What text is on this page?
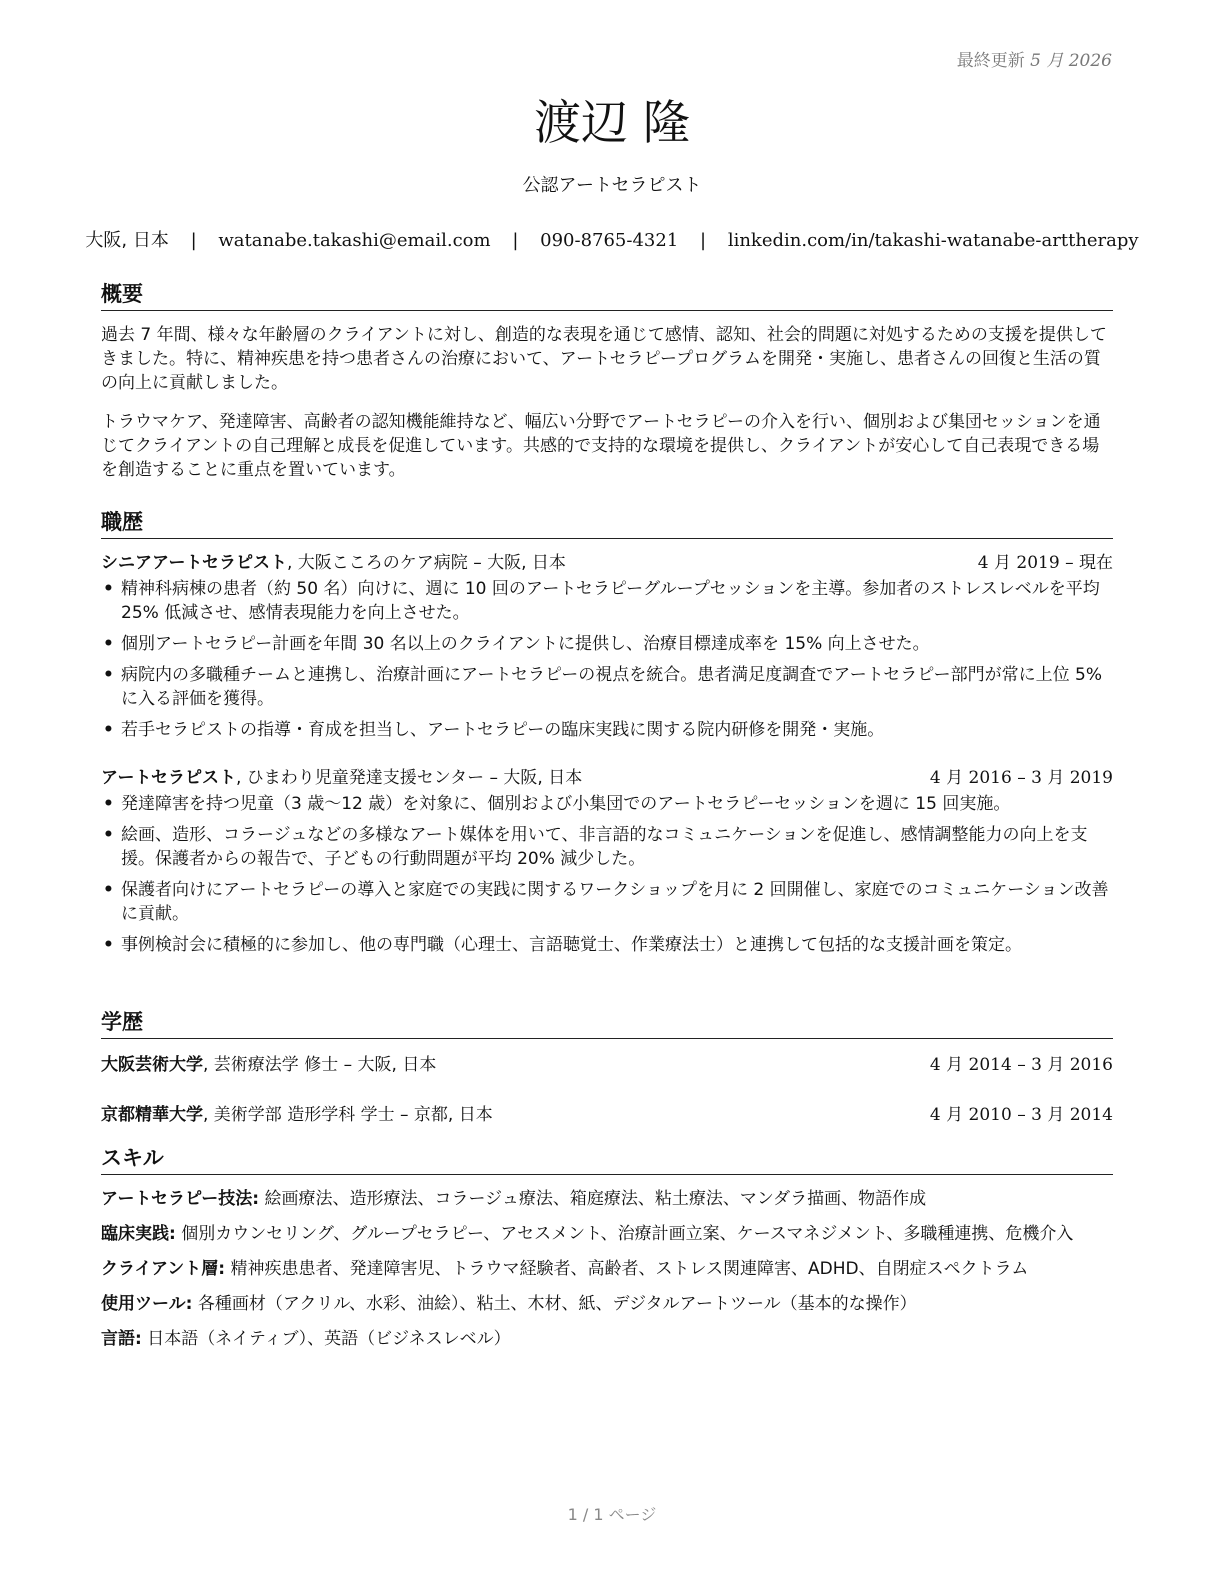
最終更新 5 月 2026
渡辺 隆
公認アートセラピスト
大阪, 日本 | watanabe.takashi@email.com | 090-8765-4321 | linkedin.com/in/takashi-watanabe-arttherapy
概要

過去 7 年間、様々な年齢層のクライアントに対し、創造的な表現を通じて感情、認知、社会的問題に対処するための支援を提供してきました。特に、精神疾患を持つ患者さんの治療において、アートセラピープログラムを開発・実施し、患者さんの回復と生活の質の向上に貢献しました。

トラウマケア、発達障害、高齢者の認知機能維持など、幅広い分野でアートセラピーの介入を行い、個別および集団セッションを通じてクライアントの自己理解と成長を促進しています。共感的で支持的な環境を提供し、クライアントが安心して自己表現できる場を創造することに重点を置いています。

職歴
シニアアートセラピスト, 大阪こころのケア病院 – 大阪, 日本	4 月 2019 – 現在
• 精神科病棟の患者（約 50 名）向けに、週に 10 回のアートセラピーグループセッションを主導。参加者のストレスレベルを平均 25% 低減させ、感情表現能力を向上させた。
• 個別アートセラピー計画を年間 30 名以上のクライアントに提供し、治療目標達成率を 15% 向上させた。
• 病院内の多職種チームと連携し、治療計画にアートセラピーの視点を統合。患者満足度調査でアートセラピー部門が常に上位 5% に入る評価を獲得。
• 若手セラピストの指導・育成を担当し、アートセラピーの臨床実践に関する院内研修を開発・実施。
アートセラピスト, ひまわり児童発達支援センター – 大阪, 日本	4 月 2016 – 3 月 2019
• 発達障害を持つ児童（3 歳〜12 歳）を対象に、個別および小集団でのアートセラピーセッションを週に 15 回実施。
• 絵画、造形、コラージュなどの多様なアート媒体を用いて、非言語的なコミュニケーションを促進し、感情調整能力の向上を支援。保護者からの報告で、子どもの行動問題が平均 20% 減少した。
• 保護者向けにアートセラピーの導入と家庭での実践に関するワークショップを月に 2 回開催し、家庭でのコミュニケーション改善に貢献。
• 事例検討会に積極的に参加し、他の専門職（心理士、言語聴覚士、作業療法士）と連携して包括的な支援計画を策定。
学歴
大阪芸術大学, 芸術療法学 修士 – 大阪, 日本	4 月 2014 – 3 月 2016
京都精華大学, 美術学部 造形学科 学士 – 京都, 日本	4 月 2010 – 3 月 2014
スキル

アートセラピー技法: 絵画療法、造形療法、コラージュ療法、箱庭療法、粘土療法、マンダラ描画、物語作成

臨床実践: 個別カウンセリング、グループセラピー、アセスメント、治療計画立案、ケースマネジメント、多職種連携、危機介入

クライアント層: 精神疾患患者、発達障害児、トラウマ経験者、高齢者、ストレス関連障害、ADHD、自閉症スペクトラム

使用ツール: 各種画材（アクリル、水彩、油絵）、粘土、木材、紙、デジタルアートツール（基本的な操作）

言語: 日本語（ネイティブ）、英語（ビジネスレベル）

1 / 1 ページ
